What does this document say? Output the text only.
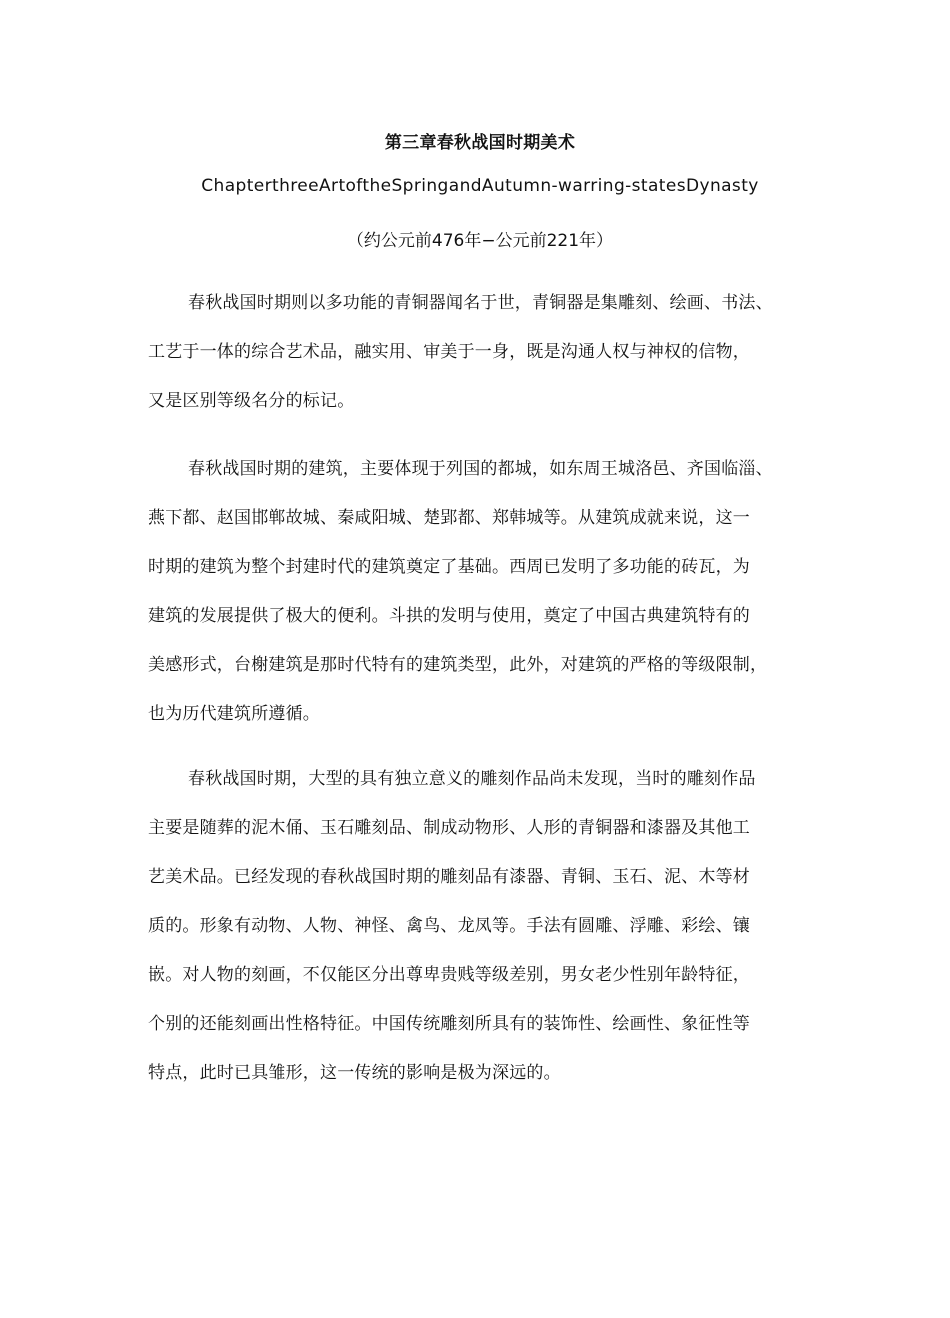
第三章春秋战国时期美术
ChapterthreeArtoftheSpringandAutumn-warring-statesDynasty
（约公元前476年−公元前221年）
春秋战国时期则以多功能的青铜器闻名于世，青铜器是集雕刻、绘画、书法、
工艺于一体的综合艺术品，融实用、审美于一身，既是沟通人权与神权的信物，
又是区别等级名分的标记。
春秋战国时期的建筑，主要体现于列国的都城，如东周王城洛邑、齐国临淄、
燕下都、赵国邯郸故城、秦咸阳城、楚郢都、郑韩城等。从建筑成就来说，这一
时期的建筑为整个封建时代的建筑奠定了基础。西周已发明了多功能的砖瓦，为
建筑的发展提供了极大的便利。斗拱的发明与使用，奠定了中国古典建筑特有的
美感形式，台榭建筑是那时代特有的建筑类型，此外，对建筑的严格的等级限制，
也为历代建筑所遵循。
春秋战国时期，大型的具有独立意义的雕刻作品尚未发现，当时的雕刻作品
主要是随葬的泥木俑、玉石雕刻品、制成动物形、人形的青铜器和漆器及其他工
艺美术品。已经发现的春秋战国时期的雕刻品有漆器、青铜、玉石、泥、木等材
质的。形象有动物、人物、神怪、禽鸟、龙凤等。手法有圆雕、浮雕、彩绘、镶
嵌。对人物的刻画，不仅能区分出尊卑贵贱等级差别，男女老少性别年龄特征，
个别的还能刻画出性格特征。中国传统雕刻所具有的装饰性、绘画性、象征性等
特点，此时已具雏形，这一传统的影响是极为深远的。
